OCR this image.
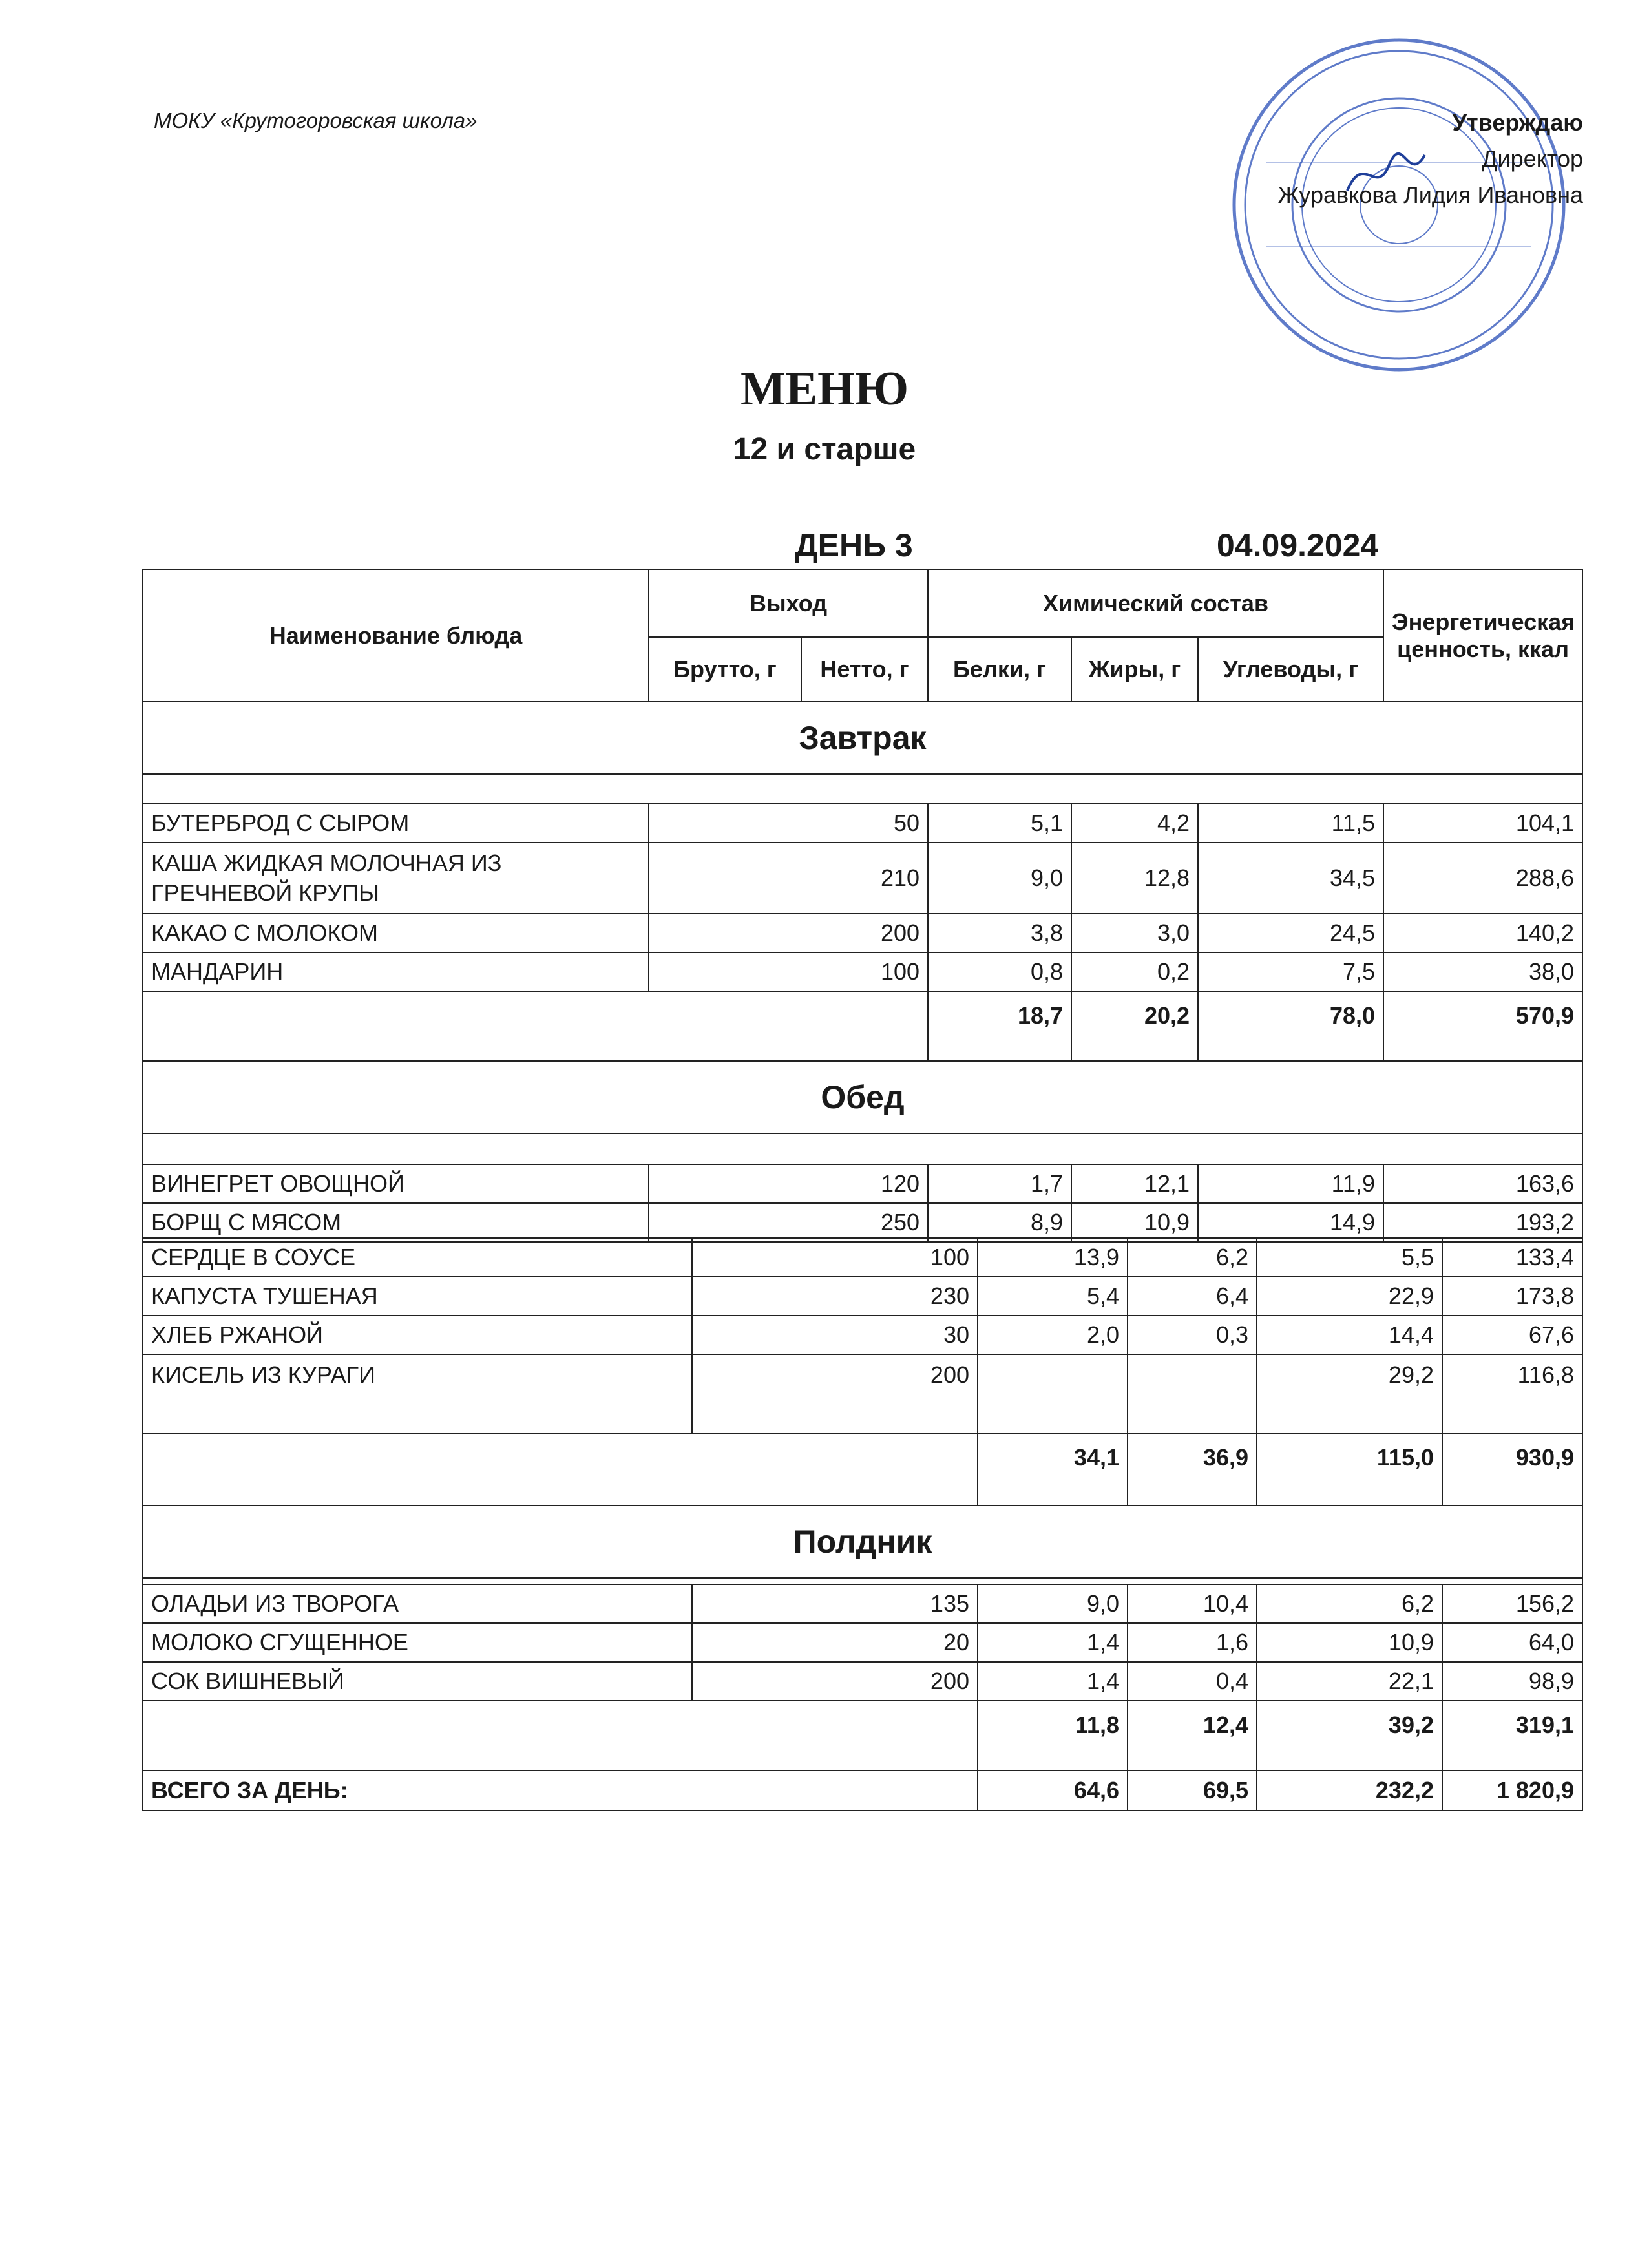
МОКУ «Крутогоровская школа»	Утверждаю
Директор
Журавкова Лидия Ивановна
МЕНЮ
12 и старше
ДЕНЬ 3	04.09.2024
Наименование блюда	Выход		Химический состав			Энергетическая ценность, ккал
	Брутто, г	Нетто, г	Белки, г	Жиры, г	Углеводы, г	
Завтрак						

БУТЕРБРОД С СЫРОМ	50		5,1	4,2	11,5	104,1
КАША ЖИДКАЯ МОЛОЧНАЯ ИЗ ГРЕЧНЕВОЙ КРУПЫ	210		9,0	12,8	34,5	288,6
КАКАО С МОЛОКОМ	200		3,8	3,0	24,5	140,2
МАНДАРИН	100		0,8	0,2	7,5	38,0
			18,7	20,2	78,0	570,9
Обед						

ВИНЕГРЕТ ОВОЩНОЙ	120		1,7	12,1	11,9	163,6
БОРЩ С МЯСОМ	250		8,9	10,9	14,9	193,2
СЕРДЦЕ В СОУСЕ	100	13,9	6,2	5,5	133,4
КАПУСТА ТУШЕНАЯ	230	5,4	6,4	22,9	173,8
ХЛЕБ РЖАНОЙ	30	2,0	0,3	14,4	67,6
КИСЕЛЬ ИЗ КУРАГИ	200			29,2	116,8
		34,1	36,9	115,0	930,9
Полдник					

ОЛАДЬИ ИЗ ТВОРОГА	135	9,0	10,4	6,2	156,2
МОЛОКО СГУЩЕННОЕ	20	1,4	1,6	10,9	64,0
СОК ВИШНЕВЫЙ	200	1,4	0,4	22,1	98,9
		11,8	12,4	39,2	319,1
ВСЕГО ЗА ДЕНЬ:		64,6	69,5	232,2	1 820,9
